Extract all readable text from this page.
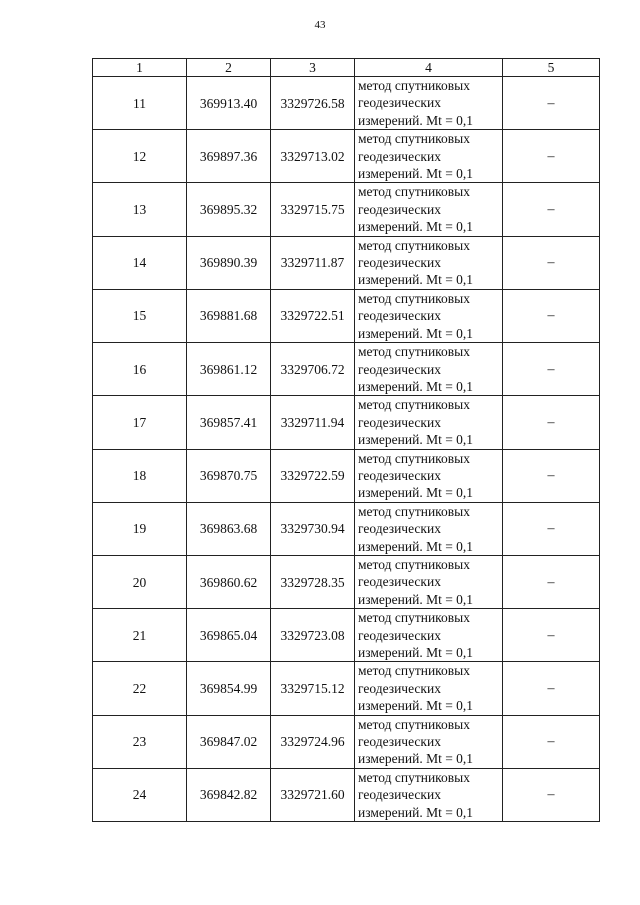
43
1	2	3	4	5
11	369913.40	3329726.58	метод спутниковых
геодезических
измерений. Mt = 0,1	–
12	369897.36	3329713.02	метод спутниковых
геодезических
измерений. Mt = 0,1	–
13	369895.32	3329715.75	метод спутниковых
геодезических
измерений. Mt = 0,1	–
14	369890.39	3329711.87	метод спутниковых
геодезических
измерений. Mt = 0,1	–
15	369881.68	3329722.51	метод спутниковых
геодезических
измерений. Mt = 0,1	–
16	369861.12	3329706.72	метод спутниковых
геодезических
измерений. Mt = 0,1	–
17	369857.41	3329711.94	метод спутниковых
геодезических
измерений. Mt = 0,1	–
18	369870.75	3329722.59	метод спутниковых
геодезических
измерений. Mt = 0,1	–
19	369863.68	3329730.94	метод спутниковых
геодезических
измерений. Mt = 0,1	–
20	369860.62	3329728.35	метод спутниковых
геодезических
измерений. Mt = 0,1	–
21	369865.04	3329723.08	метод спутниковых
геодезических
измерений. Mt = 0,1	–
22	369854.99	3329715.12	метод спутниковых
геодезических
измерений. Mt = 0,1	–
23	369847.02	3329724.96	метод спутниковых
геодезических
измерений. Mt = 0,1	–
24	369842.82	3329721.60	метод спутниковых
геодезических
измерений. Mt = 0,1	–
